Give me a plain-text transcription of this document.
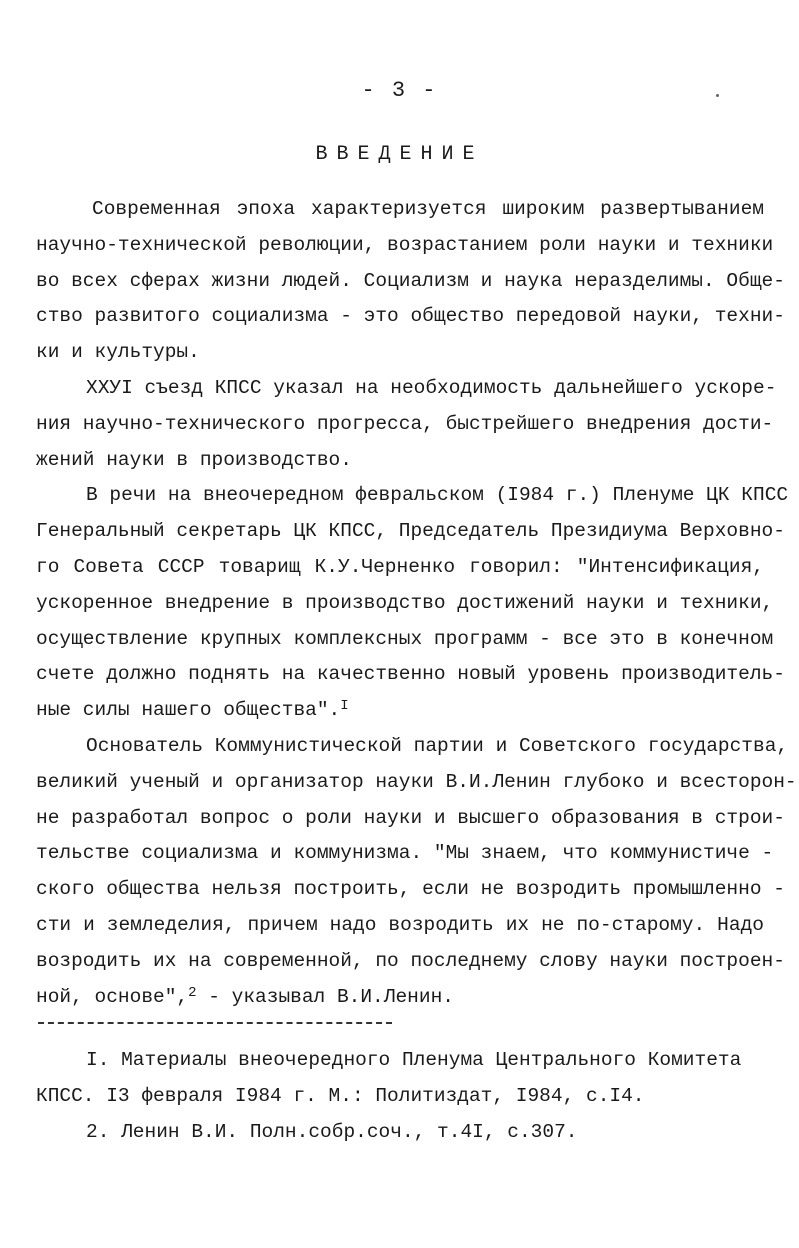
- 3 -
ВВЕДЕНИЕ
Современная эпоха характеризуется широким развертыванием
научно-технической революции, возрастанием роли науки и техники
во всех сферах жизни людей. Социализм и наука неразделимы. Обще-
ство развитого социализма - это общество передовой науки, техни-
ки и культуры.
XXУI съезд КПСС указал на необходимость дальнейшего ускоре-
ния научно-технического прогресса, быстрейшего внедрения дости-
жений науки в производство.
В речи на внеочередном февральском (I984 г.) Пленуме ЦК КПСС
Генеральный секретарь ЦК КПСС, Председатель Президиума Верховно-
го Совета СССР товарищ К.У.Черненко говорил: "Интенсификация,
ускоренное внедрение в производство достижений науки и техники,
осуществление крупных комплексных программ - все это в конечном
счете должно поднять на качественно новый уровень производитель-
ные силы нашего общества".$^I$
Основатель Коммунистической партии и Советского государства,
великий ученый и организатор науки В.И.Ленин глубоко и всесторон-
не разработал вопрос о роли науки и высшего образования в строи-
тельстве социализма и коммунизма. "Мы знаем, что коммунистиче -
ского общества нельзя построить, если не возродить промышленно -
сти и земледелия, причем надо возродить их не по-старому. Надо
возродить их на современной, по последнему слову науки построен-
ной, основе",$^2$ - указывал В.И.Ленин.
I. Материалы внеочередного Пленума Центрального Комитета
КПСС. I3 февраля I984 г. М.: Политиздат, I984, с.I4.
2. Ленин В.И. Полн.собр.соч., т.4I, с.307.
